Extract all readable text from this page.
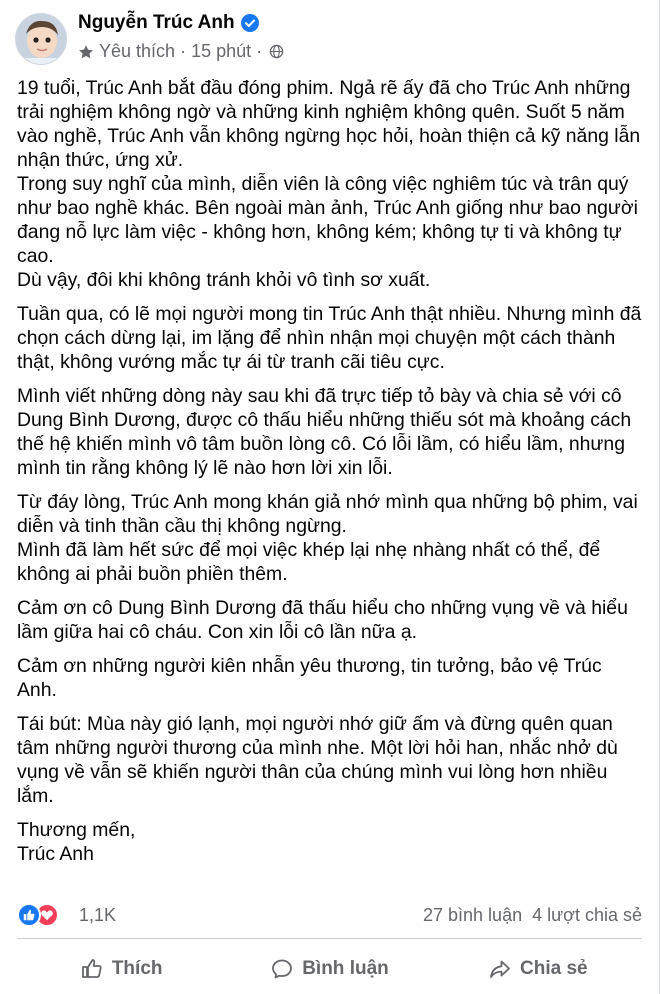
Nguyễn Trúc Anh
Yêu thích · 15 phút ·

19 tuổi, Trúc Anh bắt đầu đóng phim. Ngả rẽ ấy đã cho Trúc Anh những trải nghiệm không ngờ và những kinh nghiệm không quên. Suốt 5 năm vào nghề, Trúc Anh vẫn không ngừng học hỏi, hoàn thiện cả kỹ năng lẫn nhận thức, ứng xử.
Trong suy nghĩ của mình, diễn viên là công việc nghiêm túc và trân quý như bao nghề khác. Bên ngoài màn ảnh, Trúc Anh giống như bao người đang nỗ lực làm việc - không hơn, không kém; không tự ti và không tự cao.
Dù vậy, đôi khi không tránh khỏi vô tình sơ xuất.

Tuần qua, có lẽ mọi người mong tin Trúc Anh thật nhiều. Nhưng mình đã chọn cách dừng lại, im lặng để nhìn nhận mọi chuyện một cách thành thật, không vướng mắc tự ái từ tranh cãi tiêu cực.

Mình viết những dòng này sau khi đã trực tiếp tỏ bày và chia sẻ với cô Dung Bình Dương, được cô thấu hiểu những thiếu sót mà khoảng cách thế hệ khiến mình vô tâm buồn lòng cô. Có lỗi lầm, có hiểu lầm, nhưng mình tin rằng không lý lẽ nào hơn lời xin lỗi.

Từ đáy lòng, Trúc Anh mong khán giả nhớ mình qua những bộ phim, vai diễn và tinh thần cầu thị không ngừng.
Mình đã làm hết sức để mọi việc khép lại nhẹ nhàng nhất có thể, để không ai phải buồn phiền thêm.

Cảm ơn cô Dung Bình Dương đã thấu hiểu cho những vụng về và hiểu lầm giữa hai cô cháu. Con xin lỗi cô lần nữa ạ.

Cảm ơn những người kiên nhẫn yêu thương, tin tưởng, bảo vệ Trúc Anh.

Tái bút: Mùa này gió lạnh, mọi người nhớ giữ ấm và đừng quên quan tâm những người thương của mình nhe. Một lời hỏi han, nhắc nhở dù vụng về vẫn sẽ khiến người thân của chúng mình vui lòng hơn nhiều lắm.

Thương mến,
Trúc Anh

1,1K	27 bình luận 4 lượt chia sẻ
Thích	Bình luận	Chia sẻ
